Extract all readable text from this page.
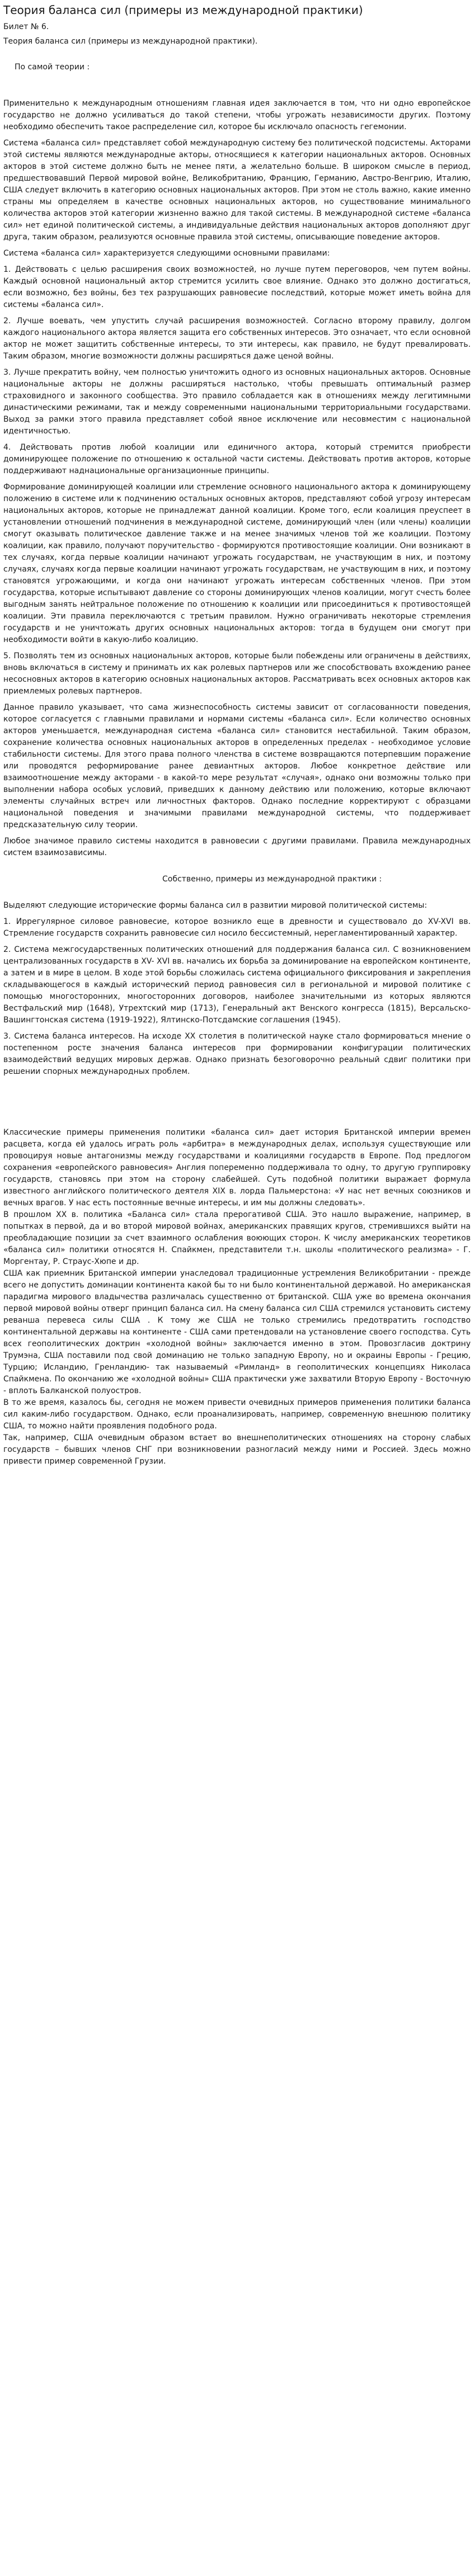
Теория баланса сил (примеры из международной практики)
Билет № 6.
Теория баланса сил (примеры из международной практики).
По самой теории :

Применительно к международным отношениям главная идея заключается в том, что ни одно европейское государство не должно усиливаться до такой степени, чтобы угрожать независимости других. Поэтому необходимо обеспечить такое распределение сил, которое бы исключало опасность гегемонии.

Система «баланса сил» представляет собой международную систему без политической подсистемы. Акторами этой системы являются международные акторы, относящиеся к категории национальных акторов. Основных акторов в этой системе должно быть не менее пяти, а желательно больше. В широком смысле в период, предшествовавший Первой мировой войне, Великобританию, Францию, Германию, Австро-Венгрию, Италию, США следует включить в категорию основных национальных акторов. При этом не столь важно, какие именно страны мы определяем в качестве основных национальных акторов, но существование минимального количества акторов этой категории жизненно важно для такой системы. В международной системе «баланса сил» нет единой политической системы, а индивидуальные действия национальных акторов дополняют друг друга, таким образом, реализуются основные правила этой системы, описывающие поведение акторов.

Система «баланса сил» характеризуется следующими основными правилами:

1. Действовать с целью расширения своих возможностей, но лучше путем переговоров, чем путем войны. Каждый основной национальный актор стремится усилить свое влияние. Однако это должно достигаться, если возможно, без войны, без тех разрушающих равновесие последствий, которые может иметь война для системы «баланса сил».

2. Лучше воевать, чем упустить случай расширения возможностей. Согласно второму правилу, долгом каждого национального актора является защита его собственных интересов. Это означает, что если основной актор не может защитить собственные интересы, то эти интересы, как правило, не будут превалировать. Таким образом, многие возможности должны расширяться даже ценой войны.

3. Лучше прекратить войну, чем полностью уничтожить одного из основных национальных акторов. Основные национальные акторы не должны расширяться настолько, чтобы превышать оптимальный размер страховидного и законного сообщества. Это правило собладается как в отношениях между легитимными династическими режимами, так и между современными национальными территориальными государствами. Выход за рамки этого правила представляет собой явное исключение или несовместим с национальной идентичностью.

4. Действовать против любой коалиции или единичного актора, который стремится приобрести доминирующее положение по отношению к остальной части системы. Действовать против акторов, которые поддерживают наднациональные организационные принципы.

Формирование доминирующей коалиции или стремление основного национального актора к доминирующему положению в системе или к подчинению остальных основных акторов, представляют собой угрозу интересам национальных акторов, которые не принадлежат данной коалиции. Кроме того, если коалиция преуспеет в установлении отношений подчинения в международной системе, доминирующий член (или члены) коалиции смогут оказывать политическое давление также и на менее значимых членов той же коалиции. Поэтому коалиции, как правило, получают поручительство - формируются противостоящие коалиции. Они возникают в тех случаях, когда первые коалиции начинают угрожать государствам, не участвующим в них, и поэтому случаях, случаях когда первые коалиции начинают угрожать государствам, не участвующим в них, и поэтому становятся угрожающими, и когда они начинают угрожать интересам собственных членов. При этом государства, которые испытывают давление со стороны доминирующих членов коалиции, могут счесть более выгодным занять нейтральное положение по отношению к коалиции или присоединиться к противостоящей коалиции. Эти правила переключаются с третьим правилом. Нужно ограничивать некоторые стремления государств и не уничтожать других основных национальных акторов: тогда в будущем они смогут при необходимости войти в какую-либо коалицию.

5. Позволять тем из основных национальных акторов, которые были побеждены или ограничены в действиях, вновь включаться в систему и принимать их как ролевых партнеров или же способствовать вхождению ранее несосновных акторов в категорию основных национальных акторов. Рассматривать всех основных акторов как приемлемых ролевых партнеров.

Данное правило указывает, что сама жизнеспособность системы зависит от согласованности поведения, которое согласуется с главными правилами и нормами системы «баланса сил». Если количество основных акторов уменьшается, международная система «баланса сил» становится нестабильной. Таким образом, сохранение количества основных национальных акторов в определенных пределах - необходимое условие стабильности системы. Для этого права полного членства в системе возвращаются потерпевшим поражение или проводятся реформирование ранее девиантных акторов. Любое конкретное действие или взаимоотношение между акторами - в какой-то мере результат «случая», однако они возможны только при выполнении набора особых условий, приведших к данному действию или положению, которые включают элементы случайных встреч или личностных факторов. Однако последние корректируют с образцами национальной поведения и значимыми правилами международной системы, что поддерживает предсказательную силу теории.

Любое значимое правило системы находится в равновесии с другими правилами. Правила международных систем взаимозависимы.

Собственно, примеры из международной практики :

Выделяют следующие исторические формы баланса сил в развитии мировой политической системы:

1. Иррегулярное силовое равновесие, которое возникло еще в древности и существовало до XV-XVI вв. Стремление государств сохранить равновесие сил носило бессистемный, нерегламентированный характер.

2. Система межгосударственных политических отношений для поддержания баланса сил. С возникновением централизованных государств в XV- XVI вв. начались их борьба за доминирование на европейском континенте, а затем и в мире в целом. В ходе этой борьбы сложилась система официального фиксирования и закрепления складывающегося в каждый исторический период равновесия сил в региональной и мировой политике с помощью многосторонних, многосторонних договоров, наиболее значительными из которых являются Вестфальский мир (1648), Утрехтский мир (1713), Генеральный акт Венского конгресса (1815), Версальско-Вашингтонская система (1919-1922), Ялтинско-Потсдамские соглашения (1945).

3. Система баланса интересов. На исходе XX столетия в политической науке стало формироваться мнение о постепенном росте значения баланса интересов при формировании конфигурации политических взаимодействий ведущих мировых держав. Однако признать безоговорочно реальный сдвиг политики при решении спорных международных проблем.

Классические примеры применения политики «баланса сил» дает история Британской империи времен расцвета, когда ей удалось играть роль «арбитра» в международных делах, используя существующие или провоцируя новые антагонизмы между государствами и коалициями государств в Европе. Под предлогом сохранения «европейского равновесия» Англия попеременно поддерживала то одну, то другую группировку государств, становясь при этом на сторону слабейшей. Суть подобной политики выражает формула известного английского политического деятеля XIX в. лорда Пальмерстона: «У нас нет вечных союзников и вечных врагов. У нас есть постоянные вечные интересы, и им мы должны следовать».

В прошлом XX в. политика «Баланса сил» стала прерогативой США. Это нашло выражение, например, в попытках в первой, да и во второй мировой войнах, американских правящих кругов, стремившихся выйти на преобладающие позиции за счет взаимного ослабления воюющих сторон. К числу американских теоретиков «баланса сил» политики относятся Н. Спайкмен, представители т.н. школы «политического реализма» - Г. Моргентау, Р. Страус-Хюпе и др.

США как приемник Британской империи унаследовал традиционные устремления Великобритании - прежде всего не допустить доминации континента какой бы то ни было континентальной державой. Но американская парадигма мирового владычества различалась существенно от британской. США уже во времена окончания первой мировой войны отверг принцип баланса сил. На смену баланса сил США стремился установить систему реванша перевеса силы США . К тому же США не только стремились предотвратить господство континентальной державы на континенте - США сами претендовали на установление своего господства. Суть всех геополитических доктрин «холодной войны» заключается именно в этом. Провозгласив доктрину Трумэна, США поставили под свой доминацию не только западную Европу, но и окраины Европы - Грецию, Турцию; Исландию, Гренландию- так называемый «Римланд» в геополитических концепциях Николаса Спайкмена. По окончанию же «холодной войны» США практически уже захватили Вторую Европу - Восточную - вплоть Балканской полуостров.

В то же время, казалось бы, сегодня не можем привести очевидных примеров применения политики баланса сил каким-либо государством. Однако, если проанализировать, например, современную внешнюю политику США, то можно найти проявления подобного рода.

Так, например, США очевидным образом встает во внешнеполитических отношениях на сторону слабых государств – бывших членов СНГ при возникновении разногласий между ними и Россией. Здесь можно привести пример современной Грузии.
